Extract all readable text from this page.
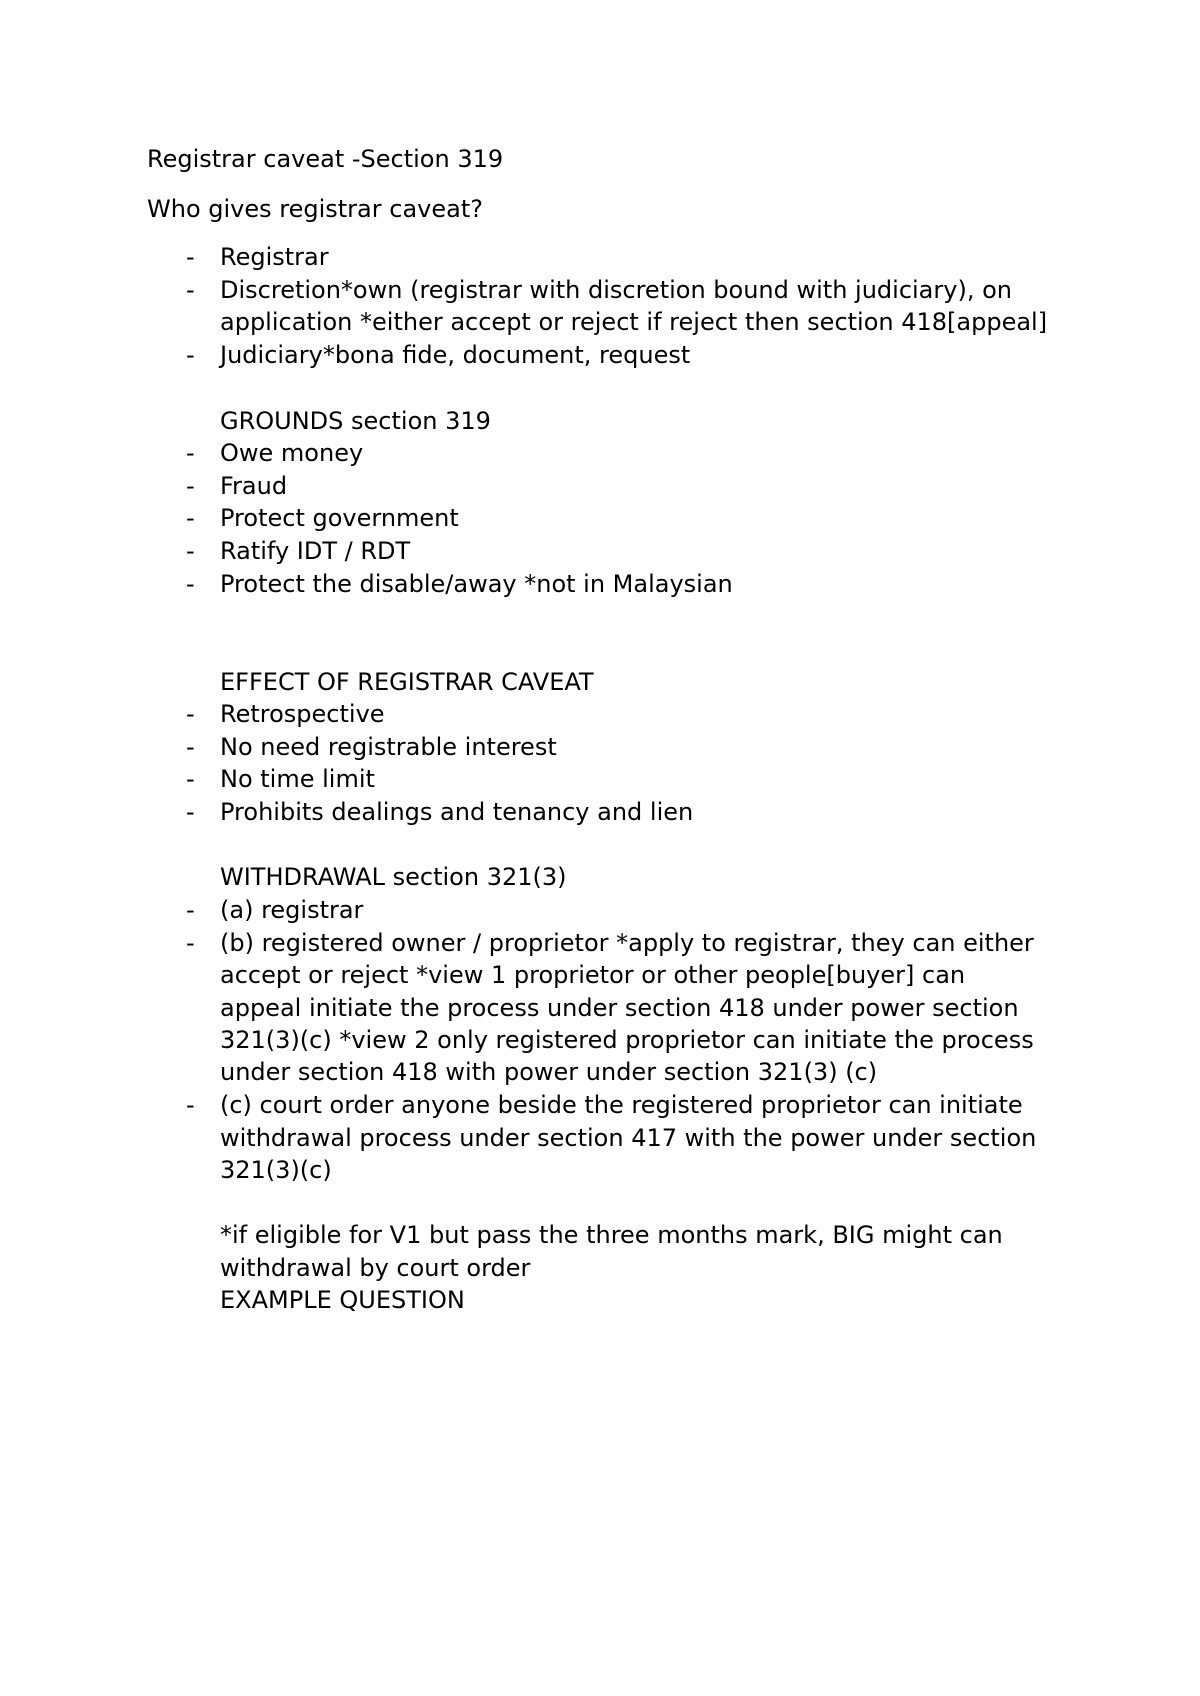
Registrar caveat -Section 319
Who gives registrar caveat?
- Registrar
- Discretion*own (registrar with discretion bound with judiciary), on
application *either accept or reject if reject then section 418[appeal]
- Judiciary*bona fide, document, request
GROUNDS section 319
- Owe money
- Fraud
- Protect government
- Ratify IDT / RDT
- Protect the disable/away *not in Malaysian
EFFECT OF REGISTRAR CAVEAT
- Retrospective
- No need registrable interest
- No time limit
- Prohibits dealings and tenancy and lien
WITHDRAWAL section 321(3)
- (a) registrar
- (b) registered owner / proprietor *apply to registrar, they can either
accept or reject *view 1 proprietor or other people[buyer] can
appeal initiate the process under section 418 under power section
321(3)(c) *view 2 only registered proprietor can initiate the process
under section 418 with power under section 321(3) (c)
- (c) court order anyone beside the registered proprietor can initiate
withdrawal process under section 417 with the power under section
321(3)(c)
*if eligible for V1 but pass the three months mark, BIG might can
withdrawal by court order
EXAMPLE QUESTION
